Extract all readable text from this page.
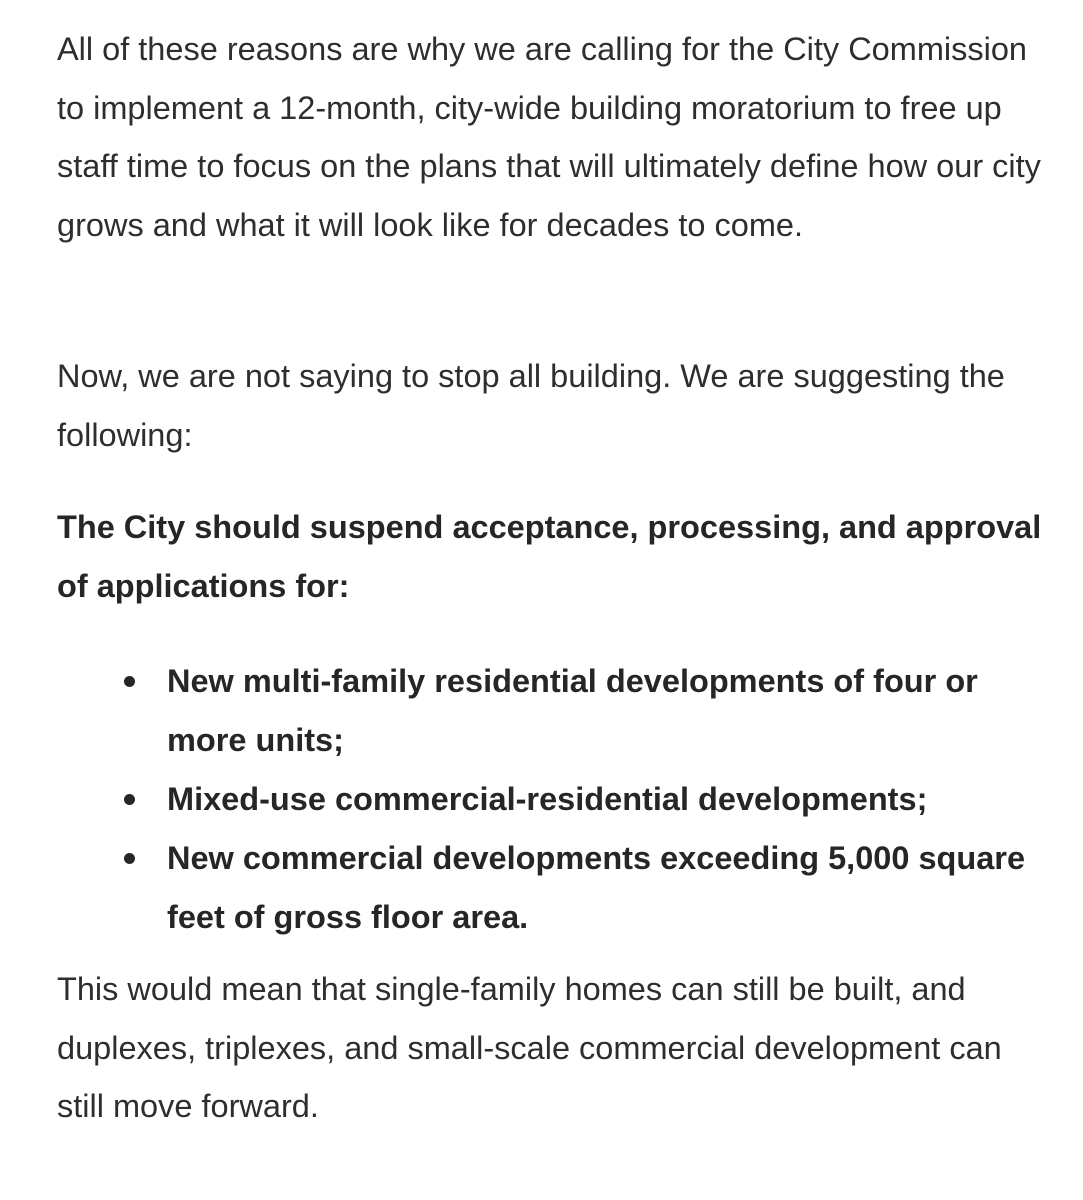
All of these reasons are why we are calling for the City Commission to implement a 12-month, city-wide building moratorium to free up staff time to focus on the plans that will ultimately define how our city grows and what it will look like for decades to come.

Now, we are not saying to stop all building. We are suggesting the following:

The City should suspend acceptance, processing, and approval of applications for:

New multi-family residential developments of four or more units;
Mixed-use commercial-residential developments;
New commercial developments exceeding 5,000 square feet of gross floor area.

This would mean that single-family homes can still be built, and duplexes, triplexes, and small-scale commercial development can still move forward.
